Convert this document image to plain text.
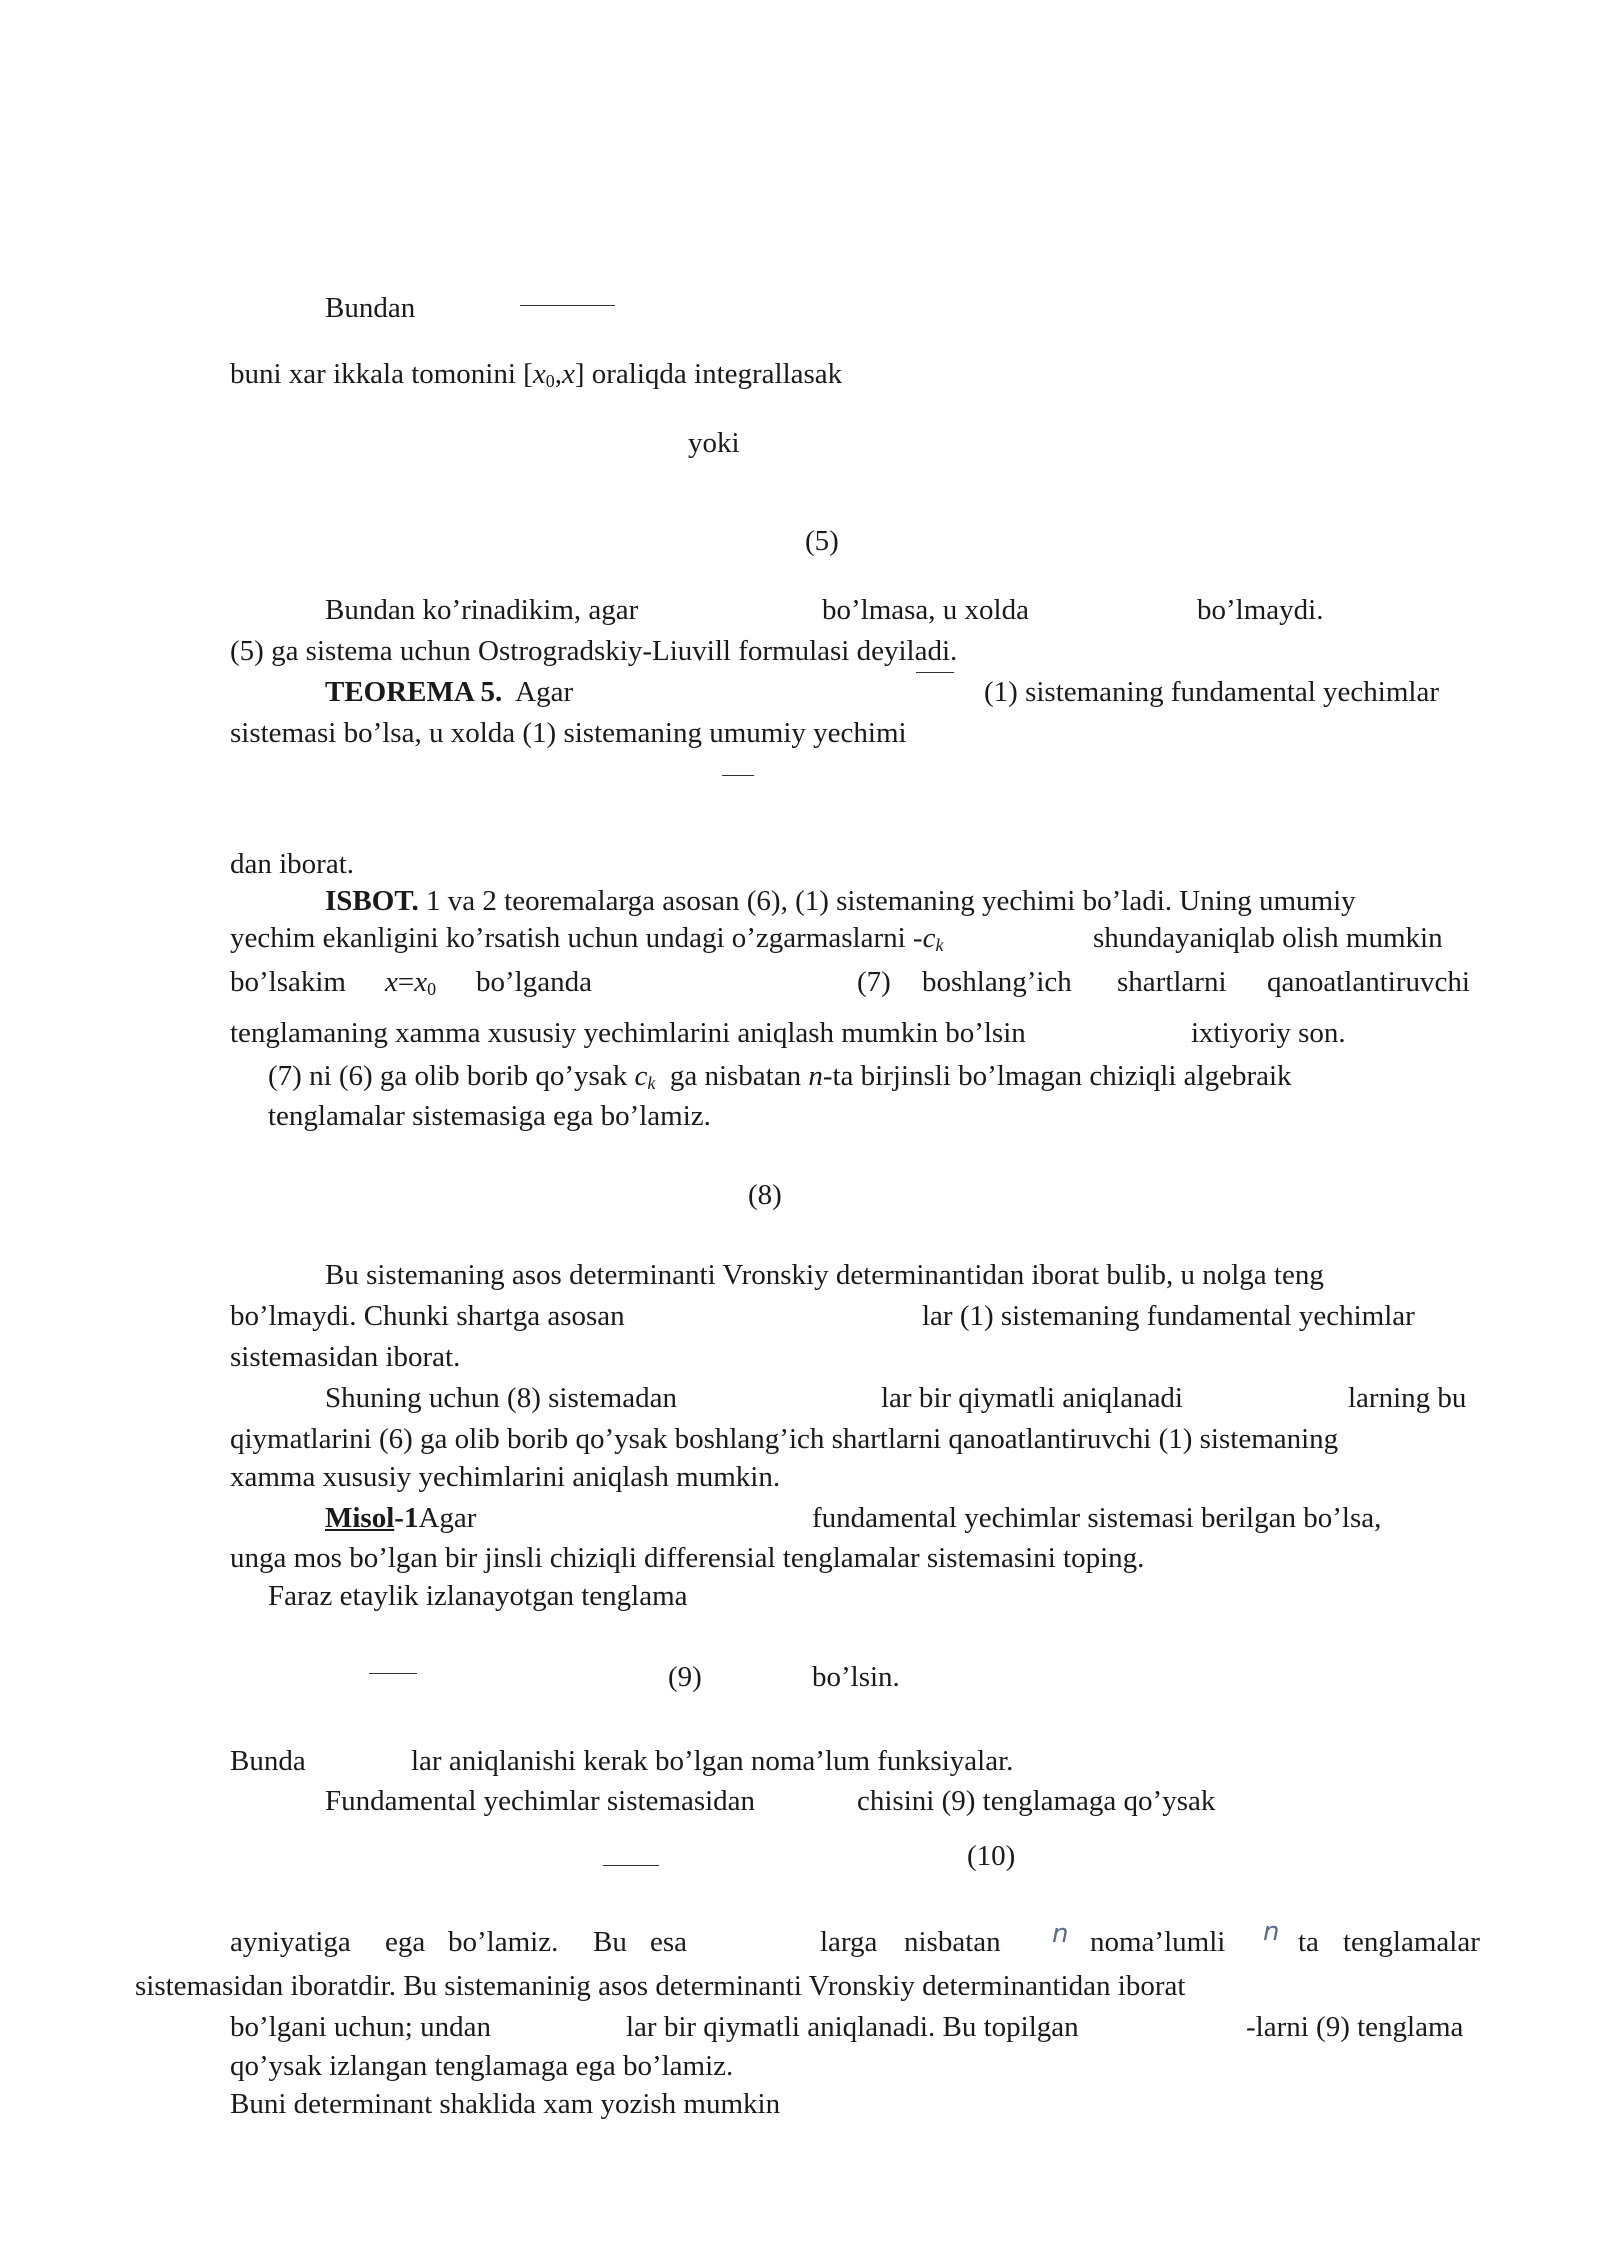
Bundan
buni xar ikkala tomonini $[x_0,x]$ oraliqda integrallasak
yoki
(5)
Bundan ko’rinadikim, agar	bo’lmasa, u xolda	bo’lmaydi.
(5) ga sistema uchun Ostrogradskiy-Liuvill formulasi deyiladi.
TEOREMA 5. Agar	(1) sistemaning fundamental yechimlar
sistemasi bo’lsa, u xolda (1) sistemaning umumiy yechimi
dan iborat.
ISBOT. 1 va 2 teoremalarga asosan (6), (1) sistemaning yechimi bo’ladi. Uning umumiy
yechim ekanligini ko’rsatish uchun undagi o’zgarmaslarni $-c_k$	shundayaniqlab olish mumkin
bo’lsakim $x=x_0$ bo’lganda	(7) boshlang’ich shartlarni qanoatlantiruvchi
tenglamaning xamma xususiy yechimlarini aniqlash mumkin bo’lsin	ixtiyoriy son.
(7) ni (6) ga olib borib qo’ysak $c_k$ ga nisbatan n-ta birjinsli bo’lmagan chiziqli algebraik
tenglamalar sistemasiga ega bo’lamiz.
(8)
Bu sistemaning asos determinanti Vronskiy determinantidan iborat bulib, u nolga teng
bo’lmaydi. Chunki shartga asosan	lar (1) sistemaning fundamental yechimlar
sistemasidan iborat.
Shuning uchun (8) sistemadan	lar bir qiymatli aniqlanadi	larning bu
qiymatlarini (6) ga olib borib qo’ysak boshlang’ich shartlarni qanoatlantiruvchi (1) sistemaning
xamma xususiy yechimlarini aniqlash mumkin.
Misol-1Agar	fundamental yechimlar sistemasi berilgan bo’lsa,
unga mos bo’lgan bir jinsli chiziqli differensial tenglamalar sistemasini toping.
Faraz etaylik izlanayotgan tenglama
(9)	bo’lsin.
Bunda	lar aniqlanishi kerak bo’lgan noma’lum funksiyalar.
Fundamental yechimlar sistemasidan	chisini (9) tenglamaga qo’ysak
(10)
ayniyatiga ega bo’lamiz. Bu esa	larga nisbatan n noma’lumli n ta tenglamalar
sistemasidan iboratdir. Bu sistemaninig asos determinanti Vronskiy determinantidan iborat
bo’lgani uchun; undan	lar bir qiymatli aniqlanadi. Bu topilgan	-larni (9) tenglama
qo’ysak izlangan tenglamaga ega bo’lamiz.
Buni determinant shaklida xam yozish mumkin
